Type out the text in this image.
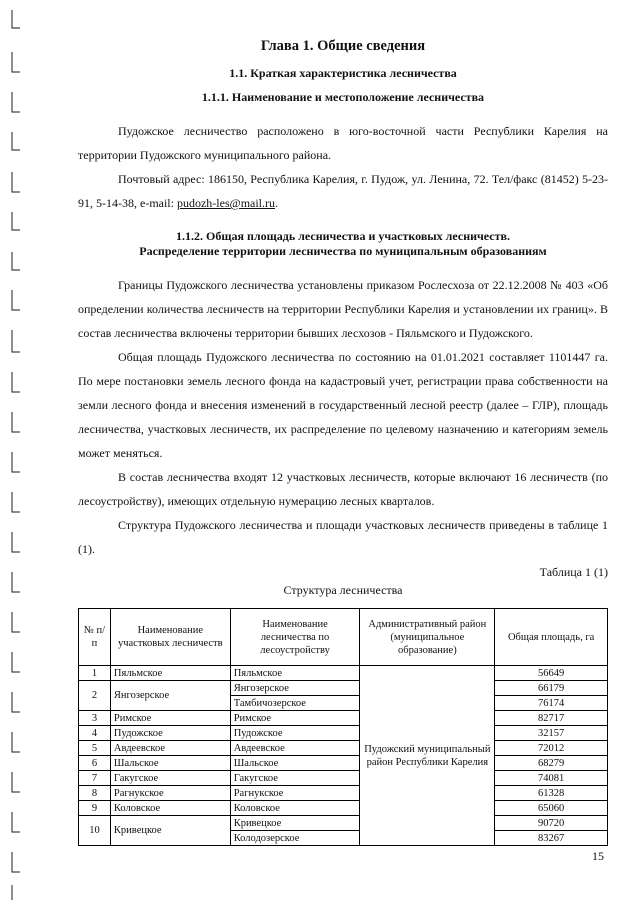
Глава 1. Общие сведения
1.1. Краткая характеристика лесничества
1.1.1. Наименование и местоположение лесничества

Пудожское лесничество расположено в юго-восточной части Республики Карелия на территории Пудожского муниципального района.

Почтовый адрес: 186150, Республика Карелия, г. Пудож, ул. Ленина, 72. Тел/факс (81452) 5-23-91, 5-14-38, e-mail: pudozh-les@mail.ru.

1.1.2. Общая площадь лесничества и участковых лесничеств.
Распределение территории лесничества по муниципальным образованиям

Границы Пудожского лесничества установлены приказом Рослесхоза от 22.12.2008 № 403 «Об определении количества лесничеств на территории Республики Карелия и установлении их границ». В состав лесничества включены территории бывших лесхозов - Пяльмского и Пудожского.

Общая площадь Пудожского лесничества по состоянию на 01.01.2021 составляет 1101447 га. По мере постановки земель лесного фонда на кадастровый учет, регистрации права собственности на земли лесного фонда и внесения изменений в государственный лесной реестр (далее – ГЛР), площадь лесничества, участковых лесничеств, их распределение по целевому назначению и категориям земель может меняться.

В состав лесничества входят 12 участковых лесничеств, которые включают 16 лесничеств (по лесоустройству), имеющих отдельную нумерацию лесных кварталов.

Структура Пудожского лесничества и площади участковых лесничеств приведены в таблице 1 (1).

Таблица 1 (1)
Структура лесничества
№ п/п	Наименование участковых лесничеств	Наименование лесничества по лесоустройству	Административный район (муниципальное образование)	Общая площадь, га
1	Пяльмское	Пяльмское	Пудожский муниципальный район Республики Карелия	56649
2	Янгозерское	Янгозерское		66179
		Тамбичозерское		76174
3	Римское	Римское		82717
4	Пудожское	Пудожское		32157
5	Авдеевское	Авдеевское		72012
6	Шальское	Шальское		68279
7	Гакугское	Гакугское		74081
8	Рагнукское	Рагнукское		61328
9	Коловское	Коловское		65060
10	Кривецкое	Кривецкое		90720
		Колодозерское		83267
15
